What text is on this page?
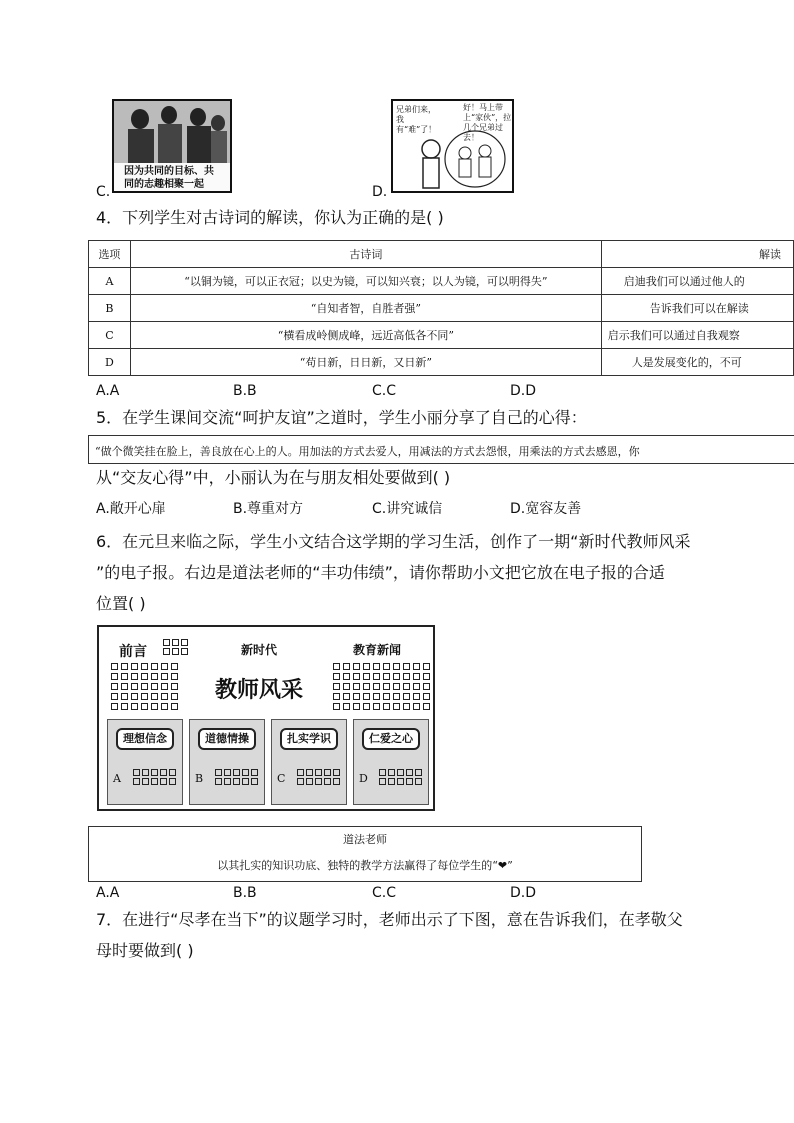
C.
因为共同的目标、共
同的志趣相聚一起	D.
兄弟们来，我有“难”了！
好！马上带上“家伙”，拉几个兄弟过去！
4．下列学生对古诗词的解读，你认为正确的是( )
选项	古诗词	解读
A	“以铜为镜，可以正衣冠；以史为镜，可以知兴衰；以人为镜，可以明得失”	启迪我们可以通过他人的
B	“自知者智，自胜者强”	告诉我们可以在解读
C	“横看成岭侧成峰，远近高低各不同”	启示我们可以通过自我观察
D	“苟日新，日日新，又日新”	人是发展变化的，不可
A.A	B.B	C.C	D.D
5．在学生课间交流“呵护友谊”之道时，学生小丽分享了自己的心得：
“做个微笑挂在脸上，善良放在心上的人。用加法的方式去爱人，用减法的方式去怨恨，用乘法的方式去感恩，你
从“交友心得”中，小丽认为在与朋友相处要做到( )
A.敞开心扉	B.尊重对方	C.讲究诚信	D.宽容友善
6．在元旦来临之际，学生小文结合这学期的学习生活，创作了一期“新时代教师风采
”的电子报。右边是道法老师的“丰功伟绩”，请你帮助小文把它放在电子报的合适
位置( )
前言	新时代	教育新闻
教师风采
理想信念
A
道德情操
B
扎实学识
C
仁爱之心
D
道法老师
以其扎实的知识功底、独特的教学方法赢得了每位学生的“❤”
A.A	B.B	C.C	D.D
7．在进行“尽孝在当下”的议题学习时，老师出示了下图，意在告诉我们，在孝敬父
母时要做到( )
